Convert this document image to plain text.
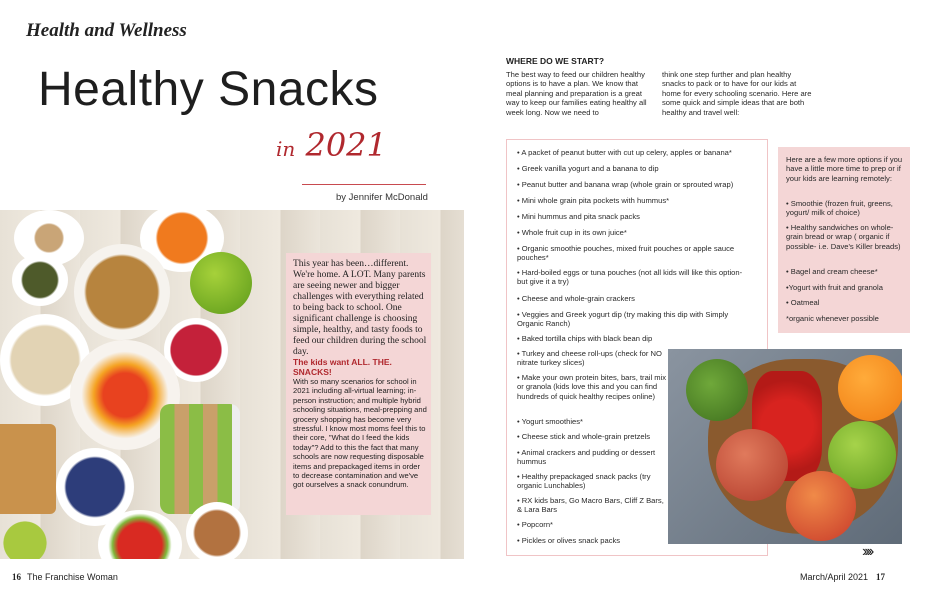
Health and Wellness
Healthy Snacks
in 2021
by Jennifer McDonald
This year has been…different. We're home. A LOT. Many parents are seeing newer and bigger challenges with everything related to being back to school. One significant challenge is choosing simple, healthy, and tasty foods to feed our children during the school day.
The kids want ALL. THE. SNACKS!
With so many scenarios for school in 2021 including all-virtual learning; in-person instruction; and multiple hybrid schooling situations, meal-prepping and grocery shopping has become very stressful. I know most moms feel this to their core, "What do I feed the kids today"? Add to this the fact that many schools are now requesting disposable items and prepackaged items in order to decrease contamination and we've got ourselves a snack conundrum.
16 The Franchise Woman
WHERE DO WE START?
The best way to feed our children healthy options is to have a plan. We know that meal planning and preparation is a great way to keep our families eating healthy all week long. Now we need to
think one step further and plan healthy snacks to pack or to have for our kids at home for every schooling scenario. Here are some quick and simple ideas that are both healthy and travel well:
• A packet of peanut butter with cut up celery, apples or banana*
• Greek vanilla yogurt and a banana to dip
• Peanut butter and banana wrap (whole grain or sprouted wrap)
• Mini whole grain pita pockets with hummus*
• Mini hummus and pita snack packs
• Whole fruit cup in its own juice*
• Organic smoothie pouches, mixed fruit pouches or apple sauce pouches*
• Hard-boiled eggs or tuna pouches (not all kids will like this option- but give it a try)
• Cheese and whole-grain crackers
• Veggies and Greek yogurt dip (try making this dip with Simply Organic Ranch)
• Baked tortilla chips with black bean dip
• Turkey and cheese roll-ups (check for NO nitrate turkey slices)
• Make your own protein bites, bars, trail mix or granola (kids love this and you can find hundreds of quick healthy recipes online)
• Yogurt smoothies*
• Cheese stick and whole-grain pretzels
• Animal crackers and pudding or dessert hummus
• Healthy prepackaged snack packs (try organic Lunchables)
• RX kids bars, Go Macro Bars, Cliff Z Bars, & Lara Bars
• Popcorn*
• Pickles or olives snack packs
Here are a few more options if you have a little more time to prep or if your kids are learning remotely:
• Smoothie (frozen fruit, greens, yogurt/ milk of choice)
• Healthy sandwiches on whole-grain bread or wrap ( organic if possible- i.e. Dave's Killer breads)
• Bagel and cream cheese*
•Yogurt with fruit and granola
• Oatmeal
*organic whenever possible
››››
March/April 2021 17
